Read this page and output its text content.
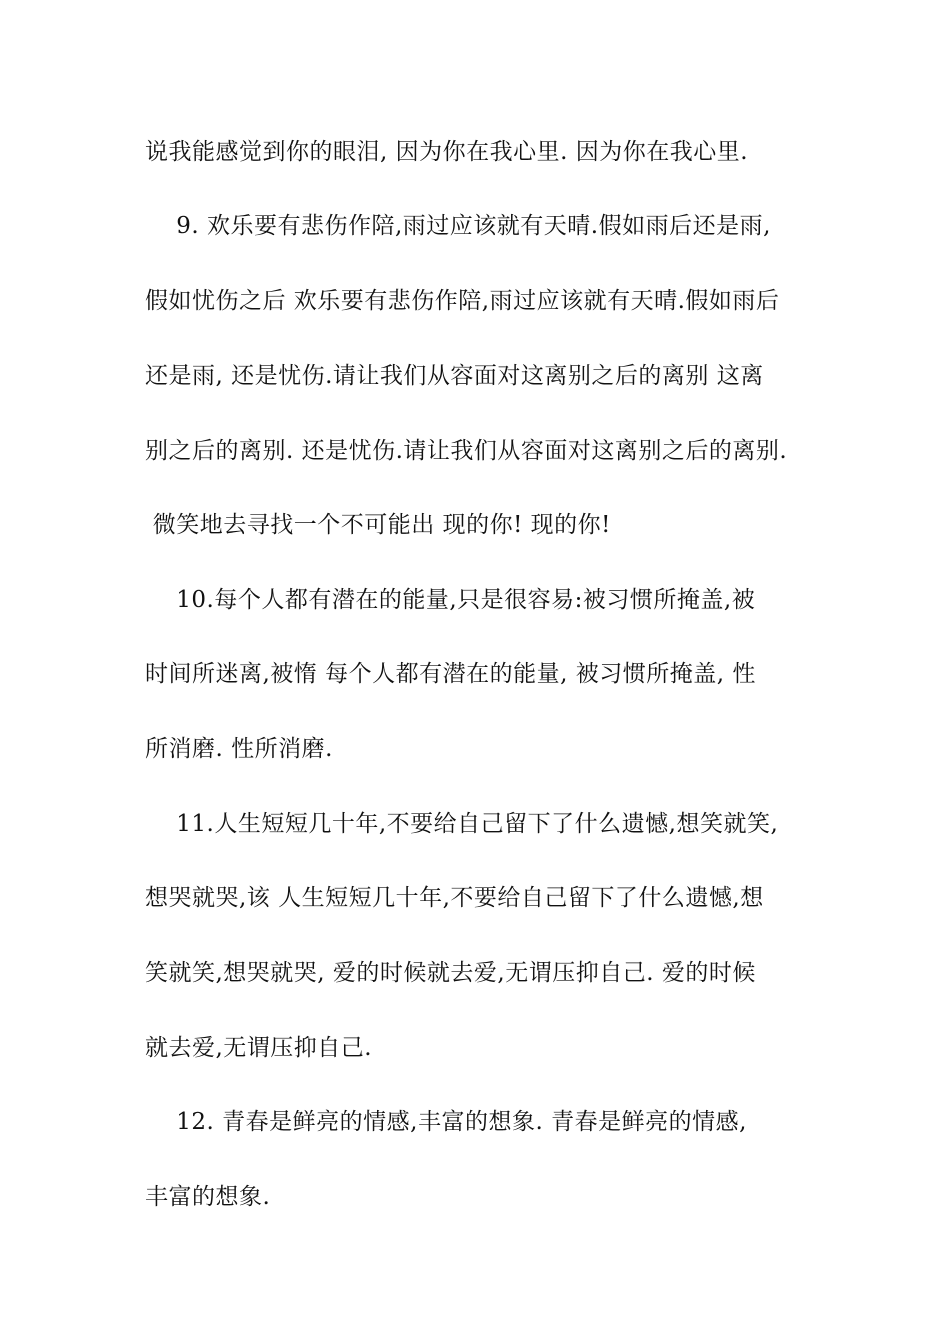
说我能感觉到你的眼泪, 因为你在我心里. 因为你在我心里.
9. 欢乐要有悲伤作陪,雨过应该就有天晴.假如雨后还是雨,
假如忧伤之后 欢乐要有悲伤作陪,雨过应该就有天晴.假如雨后
还是雨, 还是忧伤.请让我们从容面对这离别之后的离别 这离
别之后的离别. 还是忧伤.请让我们从容面对这离别之后的离别.
微笑地去寻找一个不可能出 现的你! 现的你!
10.每个人都有潜在的能量,只是很容易:被习惯所掩盖,被
时间所迷离,被惰 每个人都有潜在的能量, 被习惯所掩盖, 性
所消磨. 性所消磨.
11.人生短短几十年,不要给自己留下了什么遗憾,想笑就笑,
想哭就哭,该 人生短短几十年,不要给自己留下了什么遗憾,想
笑就笑,想哭就哭, 爱的时候就去爱,无谓压抑自己. 爱的时候
就去爱,无谓压抑自己.
12. 青春是鲜亮的情感,丰富的想象. 青春是鲜亮的情感,
丰富的想象.
